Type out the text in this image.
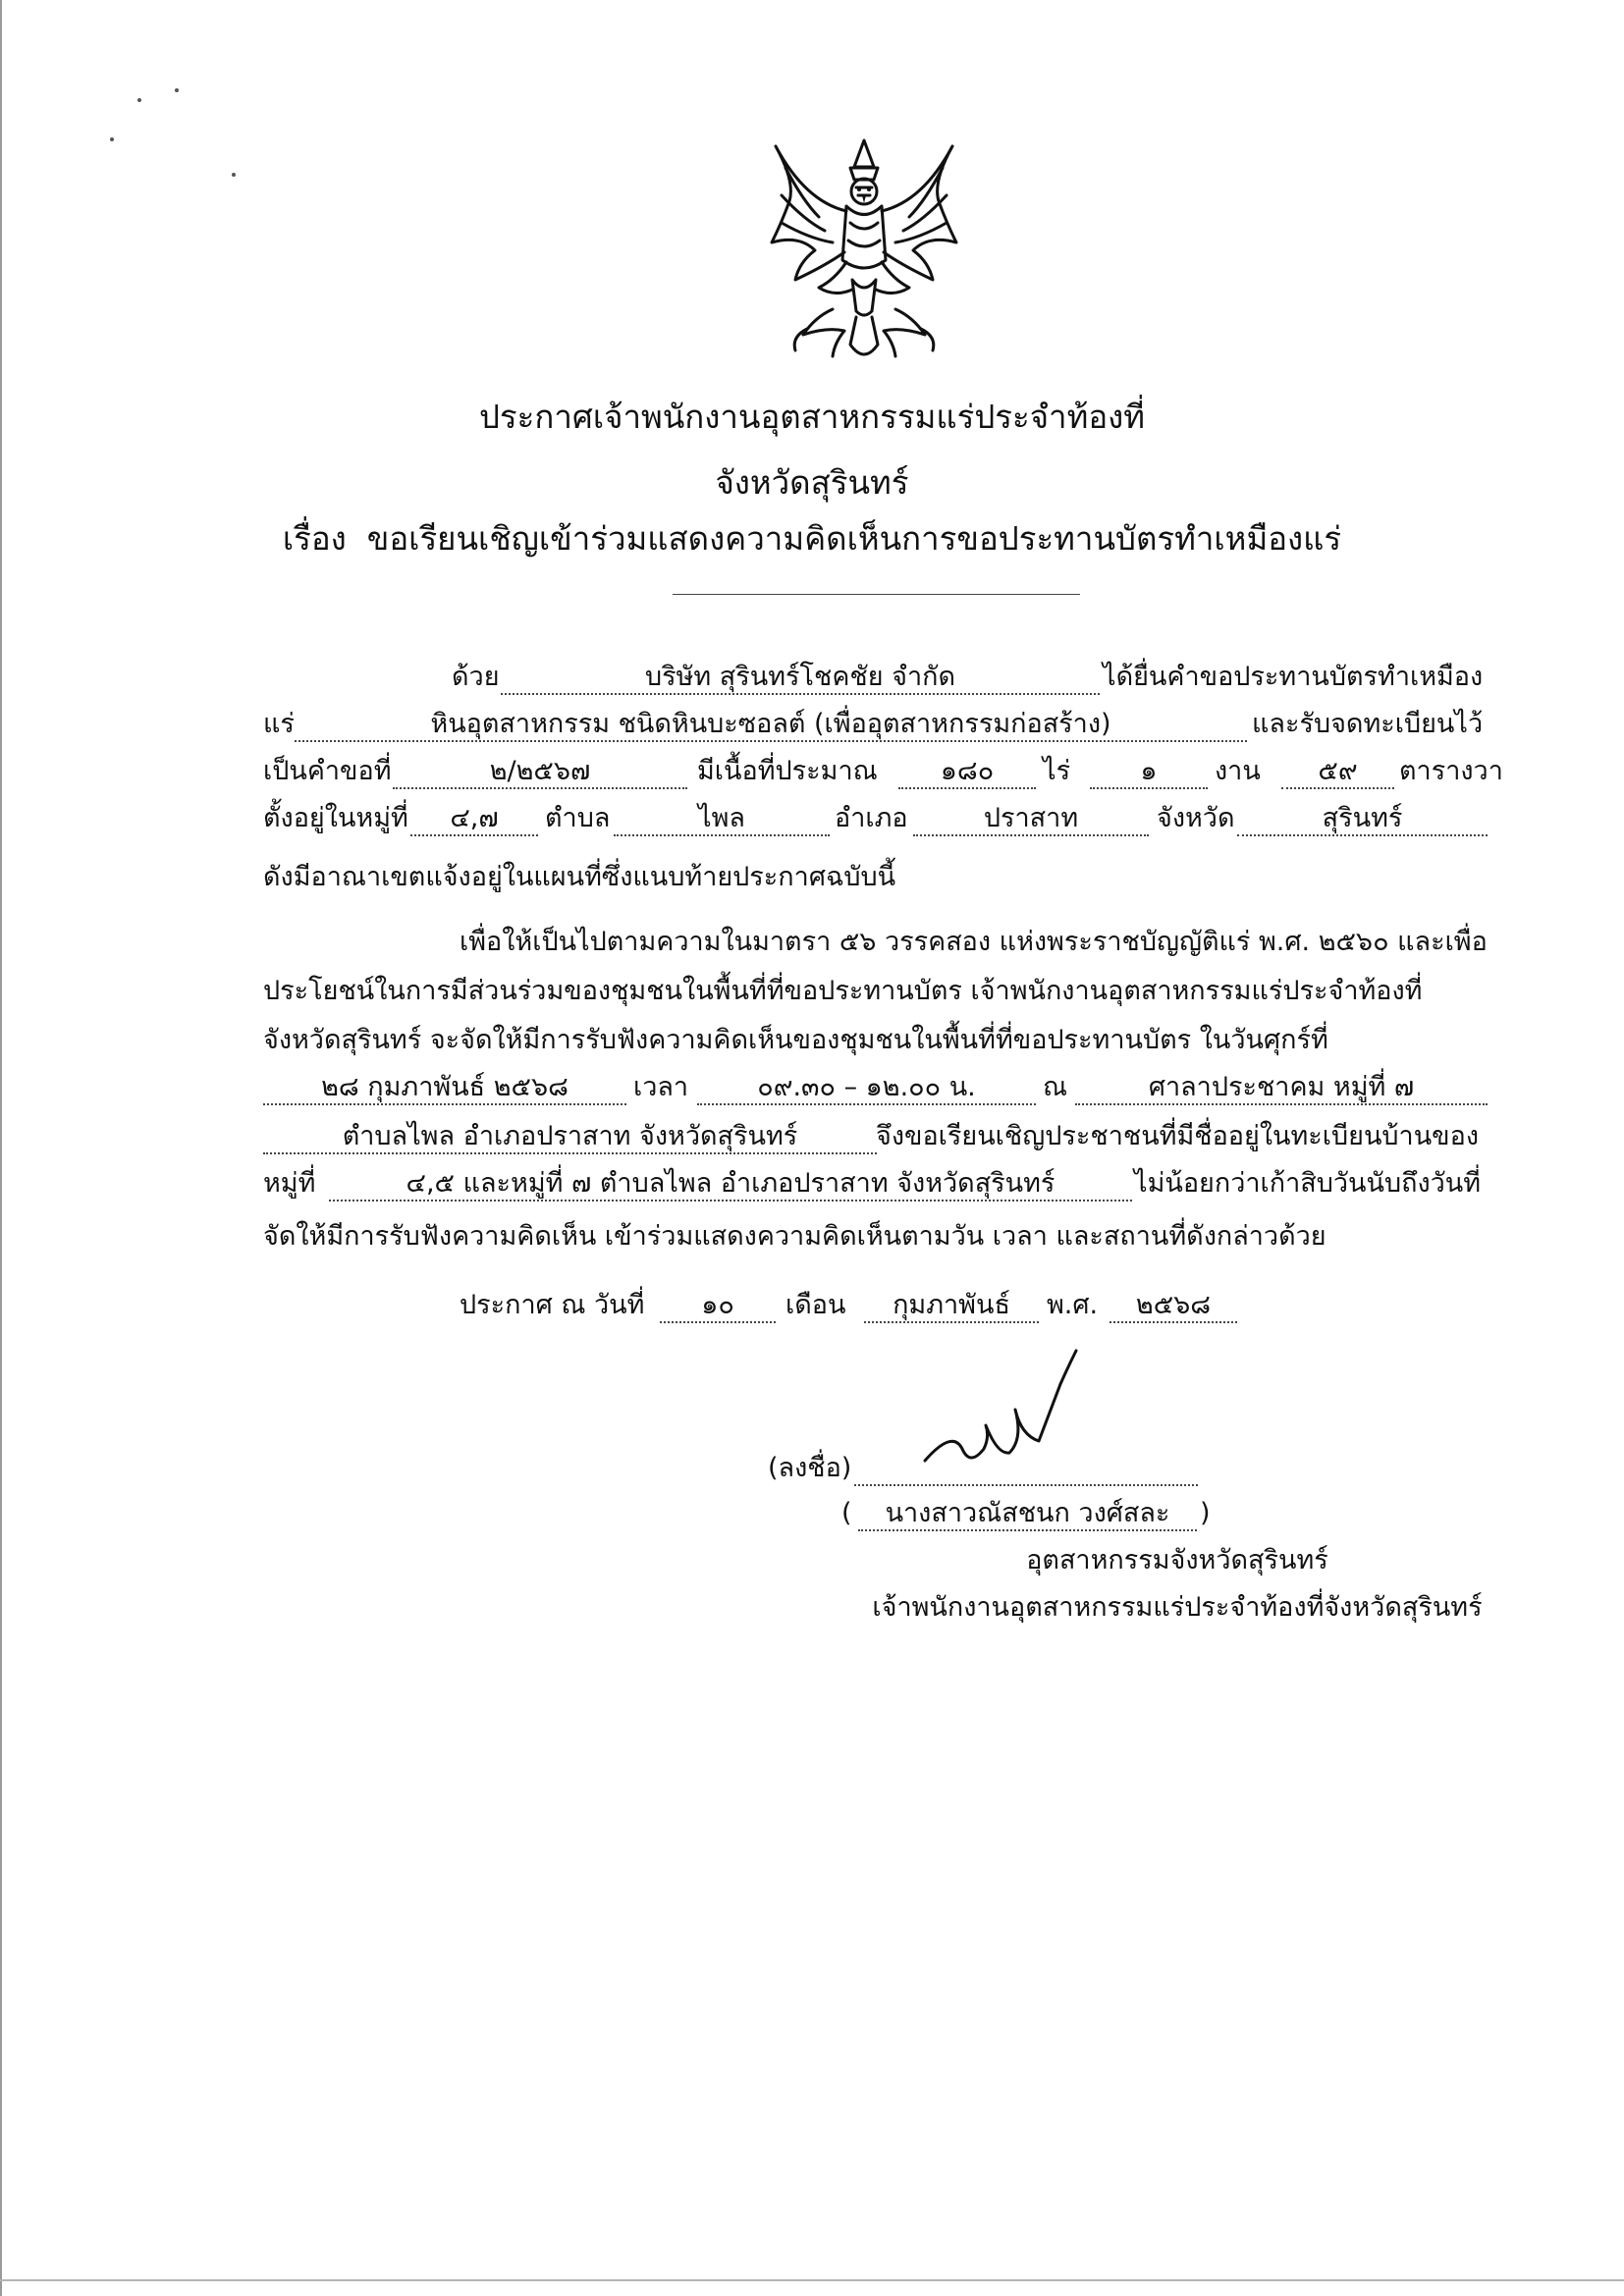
ประกาศเจ้าพนักงานอุตสาหกรรมแร่ประจำท้องที่
จังหวัดสุรินทร์
เรื่อง ขอเรียนเชิญเข้าร่วมแสดงความคิดเห็นการขอประทานบัตรทำเหมืองแร่
ด้วย	บริษัท สุรินทร์โชคชัย จำกัด	ได้ยื่นคำขอประทานบัตรทำเหมือง
แร่	หินอุตสาหกรรม ชนิดหินบะซอลต์ (เพื่ออุตสาหกรรมก่อสร้าง)	และรับจดทะเบียนไว้
เป็นคำขอที่	๒/๒๕๖๗	มีเนื้อที่ประมาณ	๑๘๐	ไร่	๑	งาน	๕๙	ตารางวา
ตั้งอยู่ในหมู่ที่	๔,๗	ตำบล	ไพล	อำเภอ	ปราสาท	จังหวัด	สุรินทร์
ดังมีอาณาเขตแจ้งอยู่ในแผนที่ซึ่งแนบท้ายประกาศฉบับนี้
เพื่อให้เป็นไปตามความในมาตรา ๕๖ วรรคสอง แห่งพระราชบัญญัติแร่ พ.ศ. ๒๕๖๐ และเพื่อ
ประโยชน์ในการมีส่วนร่วมของชุมชนในพื้นที่ที่ขอประทานบัตร เจ้าพนักงานอุตสาหกรรมแร่ประจำท้องที่
จังหวัดสุรินทร์ จะจัดให้มีการรับฟังความคิดเห็นของชุมชนในพื้นที่ที่ขอประทานบัตร ในวันศุกร์ที่
๒๘ กุมภาพันธ์ ๒๕๖๘	เวลา	๐๙.๓๐ – ๑๒.๐๐ น.	ณ	ศาลาประชาคม หมู่ที่ ๗
ตำบลไพล อำเภอปราสาท จังหวัดสุรินทร์	จึงขอเรียนเชิญประชาชนที่มีชื่ออยู่ในทะเบียนบ้านของ
หมู่ที่	๔,๕ และหมู่ที่ ๗ ตำบลไพล อำเภอปราสาท จังหวัดสุรินทร์	ไม่น้อยกว่าเก้าสิบวันนับถึงวันที่
จัดให้มีการรับฟังความคิดเห็น เข้าร่วมแสดงความคิดเห็นตามวัน เวลา และสถานที่ดังกล่าวด้วย
ประกาศ ณ วันที่	๑๐	เดือน	กุมภาพันธ์	พ.ศ.	๒๕๖๘
(ลงชื่อ)
(	นางสาวณัสชนก วงศ์สละ	)
อุตสาหกรรมจังหวัดสุรินทร์
เจ้าพนักงานอุตสาหกรรมแร่ประจำท้องที่จังหวัดสุรินทร์
